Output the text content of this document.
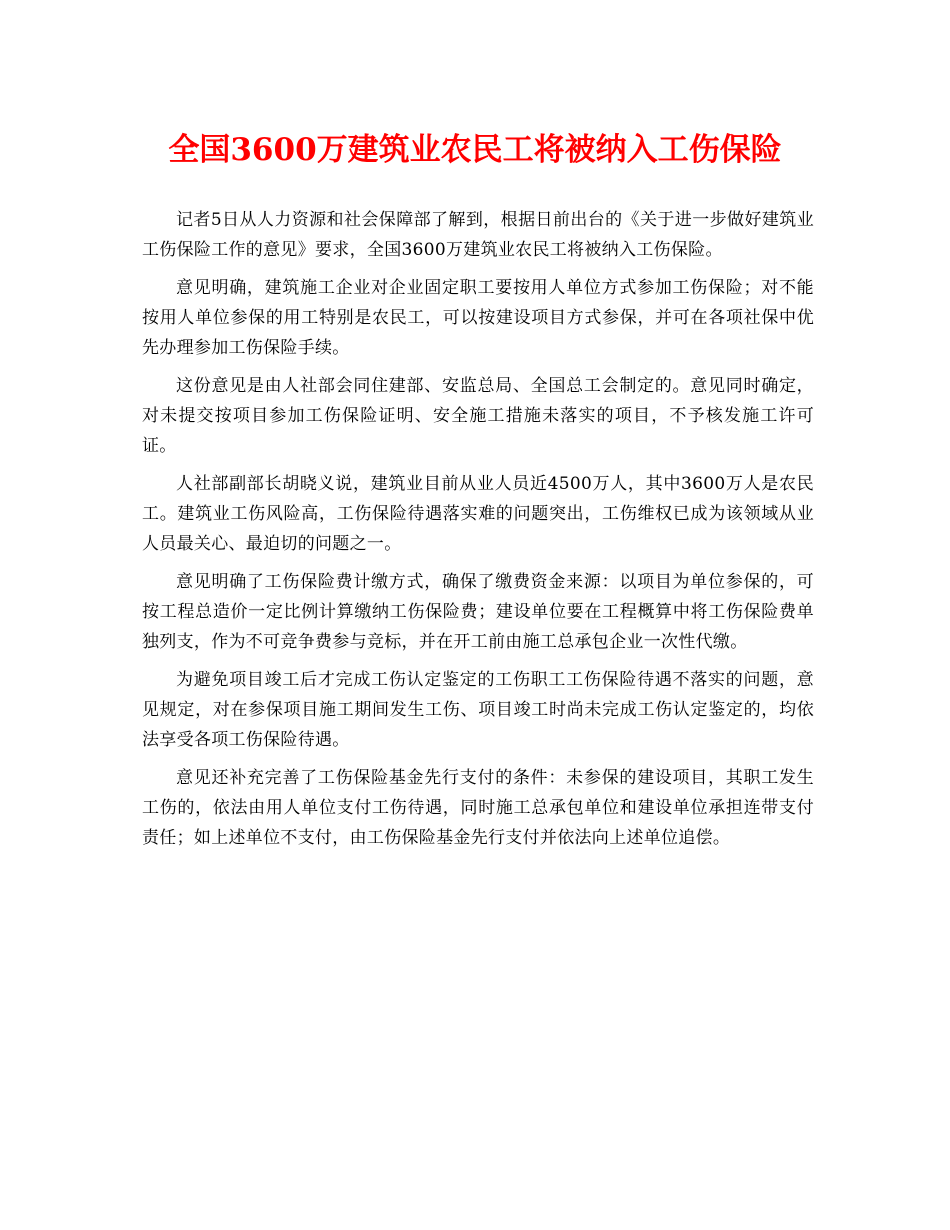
全国3600万建筑业农民工将被纳入工伤保险

记者5日从人力资源和社会保障部了解到，根据日前出台的《关于进一步做好建筑业工伤保险工作的意见》要求，全国3600万建筑业农民工将被纳入工伤保险。

意见明确，建筑施工企业对企业固定职工要按用人单位方式参加工伤保险；对不能按用人单位参保的用工特别是农民工，可以按建设项目方式参保，并可在各项社保中优先办理参加工伤保险手续。

这份意见是由人社部会同住建部、安监总局、全国总工会制定的。意见同时确定，对未提交按项目参加工伤保险证明、安全施工措施未落实的项目，不予核发施工许可证。

人社部副部长胡晓义说，建筑业目前从业人员近4500万人，其中3600万人是农民工。建筑业工伤风险高，工伤保险待遇落实难的问题突出，工伤维权已成为该领域从业人员最关心、最迫切的问题之一。

意见明确了工伤保险费计缴方式，确保了缴费资金来源：以项目为单位参保的，可按工程总造价一定比例计算缴纳工伤保险费；建设单位要在工程概算中将工伤保险费单独列支，作为不可竞争费参与竞标，并在开工前由施工总承包企业一次性代缴。

为避免项目竣工后才完成工伤认定鉴定的工伤职工工伤保险待遇不落实的问题，意见规定，对在参保项目施工期间发生工伤、项目竣工时尚未完成工伤认定鉴定的，均依法享受各项工伤保险待遇。

意见还补充完善了工伤保险基金先行支付的条件：未参保的建设项目，其职工发生工伤的，依法由用人单位支付工伤待遇，同时施工总承包单位和建设单位承担连带支付责任；如上述单位不支付，由工伤保险基金先行支付并依法向上述单位追偿。
